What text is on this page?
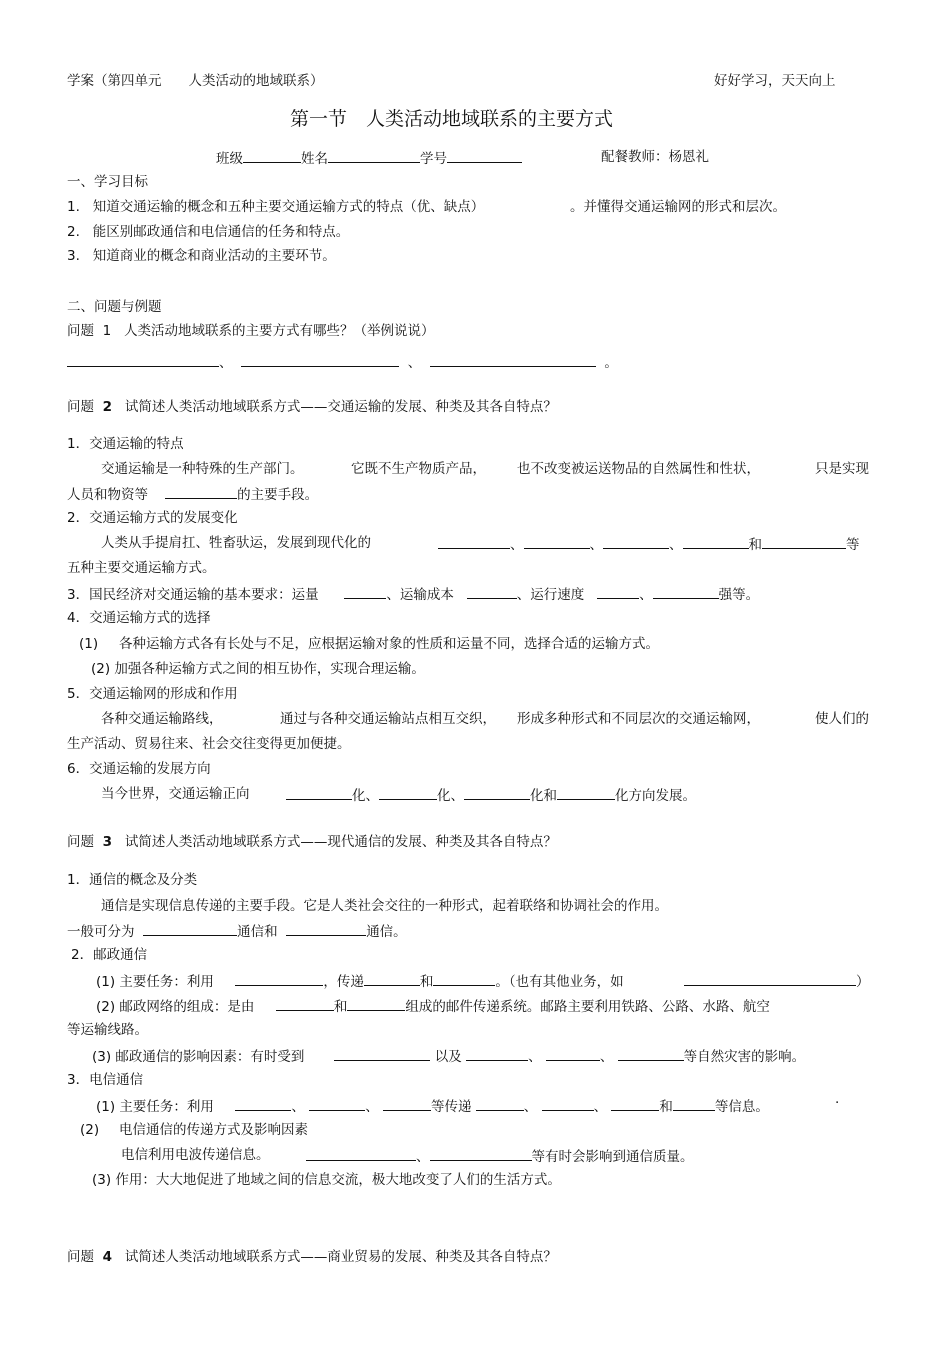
学案（第四单元　　人类活动的地域联系）	好好学习，天天向上
第一节　人类活动地域联系的主要方式
班级	姓名	学号	配餐教师：杨恩礼
一、学习目标
1. 知道交通运输的概念和五种主要交通运输方式的特点（优、缺点）	。并懂得交通运输网的形式和层次。
2. 能区别邮政通信和电信通信的任务和特点。
3. 知道商业的概念和商业活动的主要环节。
二、问题与例题
问题 1 人类活动地域联系的主要方式有哪些？（举例说说）
、	、	。
问题 2 试简述人类活动地域联系方式——交通运输的发展、种类及其各自特点？
1．交通运输的特点
交通运输是一种特殊的生产部门。	它既不生产物质产品， 也不改变被运送物品的自然属性和性状，	只是实现
人员和物资等	的主要手段。
2．交通运输方式的发展变化
人类从手提肩扛、牲畜驮运，发展到现代化的	、	、	、	和	等
五种主要交通运输方式。
3．国民经济对交通运输的基本要求：运量	、运输成本	、运行速度	、	强等。
4．交通运输方式的选择
(1) 各种运输方式各有长处与不足，应根据运输对象的性质和运量不同，选择合适的运输方式。
(2) 加强各种运输方式之间的相互协作，实现合理运输。
5．交通运输网的形成和作用
各种交通运输路线，	通过与各种交通运输站点相互交织， 形成多种形式和不同层次的交通运输网，	使人们的
生产活动、贸易往来、社会交往变得更加便捷。
6．交通运输的发展方向
当今世界，交通运输正向	化、	化、	化和	化方向发展。
问题 3 试简述人类活动地域联系方式——现代通信的发展、种类及其各自特点？
1．通信的概念及分类
通信是实现信息传递的主要手段。它是人类社会交往的一种形式，起着联络和协调社会的作用。
一般可分为	通信和	通信。
2．邮政通信
(1) 主要任务：利用	，传递	和	。（也有其他业务，如	）
(2) 邮政网络的组成：是由	和	组成的邮件传递系统。邮路主要利用铁路、公路、水路、航空
等运输线路。
(3) 邮政通信的影响因素：有时受到	以及	、	、	等自然灾害的影响。
3．电信通信
(1) 主要任务：利用	、	、	等传递	、	、	和	等信息。	·
(2) 电信通信的传递方式及影响因素
电信利用电波传递信息。	、	等有时会影响到通信质量。
(3) 作用：大大地促进了地域之间的信息交流，极大地改变了人们的生活方式。
问题 4 试简述人类活动地域联系方式——商业贸易的发展、种类及其各自特点？
